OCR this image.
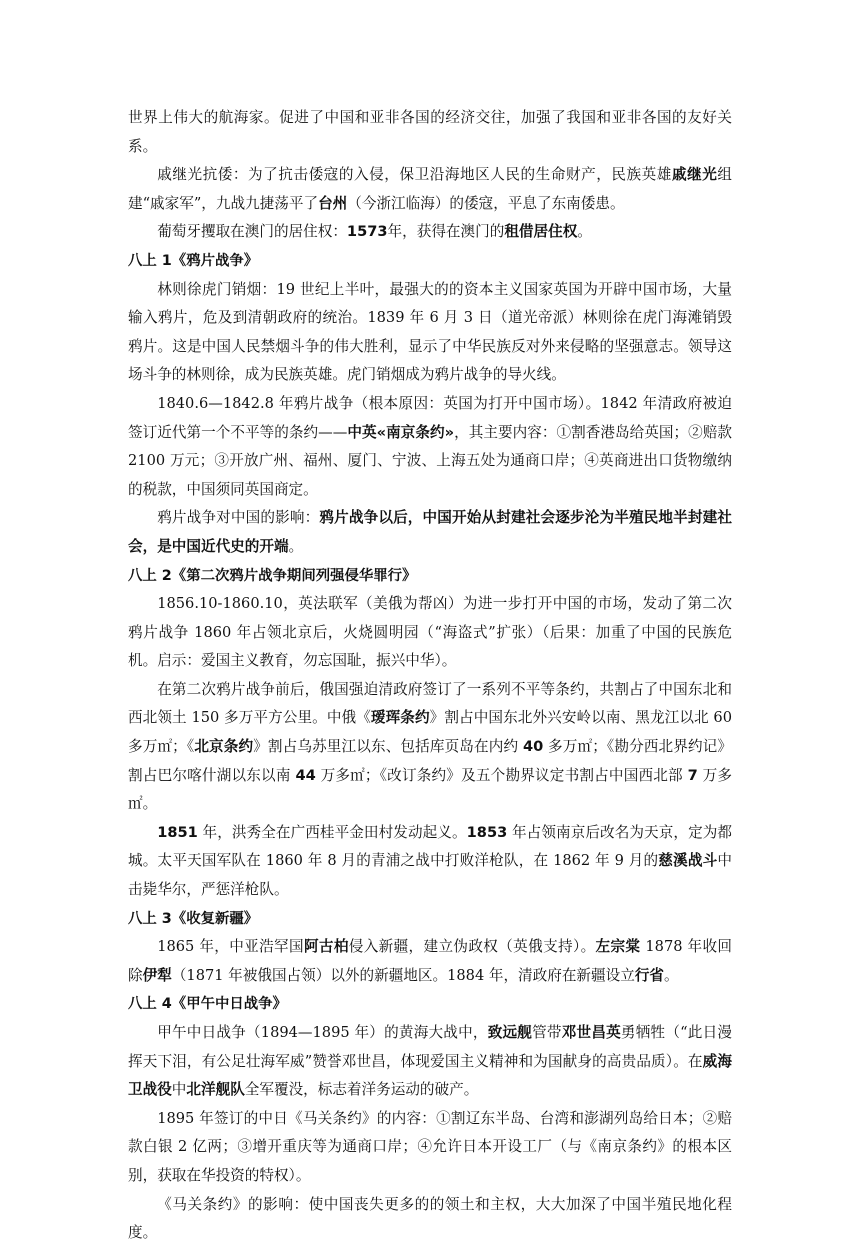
世界上伟大的航海家。促进了中国和亚非各国的经济交往，加强了我国和亚非各国的友好关系。

戚继光抗倭：为了抗击倭寇的入侵，保卫沿海地区人民的生命财产，民族英雄戚继光组建“戚家军”，九战九捷荡平了台州（今浙江临海）的倭寇，平息了东南倭患。

葡萄牙攫取在澳门的居住权：1573年，获得在澳门的租借居住权。

八上 1《鸦片战争》

林则徐虎门销烟：19 世纪上半叶，最强大的的资本主义国家英国为开辟中国市场，大量输入鸦片，危及到清朝政府的统治。1839 年 6 月 3 日（道光帝派）林则徐在虎门海滩销毁鸦片。这是中国人民禁烟斗争的伟大胜利，显示了中华民族反对外来侵略的坚强意志。领导这场斗争的林则徐，成为民族英雄。虎门销烟成为鸦片战争的导火线。

1840.6—1842.8 年鸦片战争（根本原因：英国为打开中国市场）。1842 年清政府被迫签订近代第一个不平等的条约——中英«南京条约»，其主要内容：①割香港岛给英国；②赔款 2100 万元；③开放广州、福州、厦门、宁波、上海五处为通商口岸；④英商进出口货物缴纳的税款，中国须同英国商定。

鸦片战争对中国的影响：鸦片战争以后，中国开始从封建社会逐步沦为半殖民地半封建社会，是中国近代史的开端。

八上 2《第二次鸦片战争期间列强侵华罪行》

1856.10-1860.10，英法联军（美俄为帮凶）为进一步打开中国的市场，发动了第二次鸦片战争 1860 年占领北京后，火烧圆明园（“海盗式”扩张）（后果：加重了中国的民族危机。启示：爱国主义教育，勿忘国耻，振兴中华）。

在第二次鸦片战争前后，俄国强迫清政府签订了一系列不平等条约，共割占了中国东北和西北领土 150 多万平方公里。中俄《瑷珲条约》割占中国东北外兴安岭以南、黑龙江以北 60 多万㎡；《北京条约》割占乌苏里江以东、包括库页岛在内约 40 多万㎡；《勘分西北界约记》割占巴尔喀什湖以东以南 44 万多㎡；《改订条约》及五个勘界议定书割占中国西北部 7 万多㎡。

1851 年，洪秀全在广西桂平金田村发动起义。1853 年占领南京后改名为天京，定为都城。太平天国军队在 1860 年 8 月的青浦之战中打败洋枪队，在 1862 年 9 月的慈溪战斗中击毙华尔，严惩洋枪队。

八上 3《收复新疆》

1865 年，中亚浩罕国阿古柏侵入新疆，建立伪政权（英俄支持）。左宗棠 1878 年收回除伊犁（1871 年被俄国占领）以外的新疆地区。1884 年，清政府在新疆设立行省。

八上 4《甲午中日战争》

甲午中日战争（1894—1895 年）的黄海大战中，致远舰管带邓世昌英勇牺牲（“此日漫挥天下泪，有公足壮海军威”赞誉邓世昌，体现爱国主义精神和为国献身的高贵品质）。在威海卫战役中北洋舰队全军覆没，标志着洋务运动的破产。

1895 年签订的中日《马关条约》的内容：①割辽东半岛、台湾和澎湖列岛给日本；②赔款白银 2 亿两；③增开重庆等为通商口岸；④允许日本开设工厂（与《南京条约》的根本区别，获取在华投资的特权）。

《马关条约》的影响：使中国丧失更多的的领土和主权，大大加深了中国半殖民地化程度。
